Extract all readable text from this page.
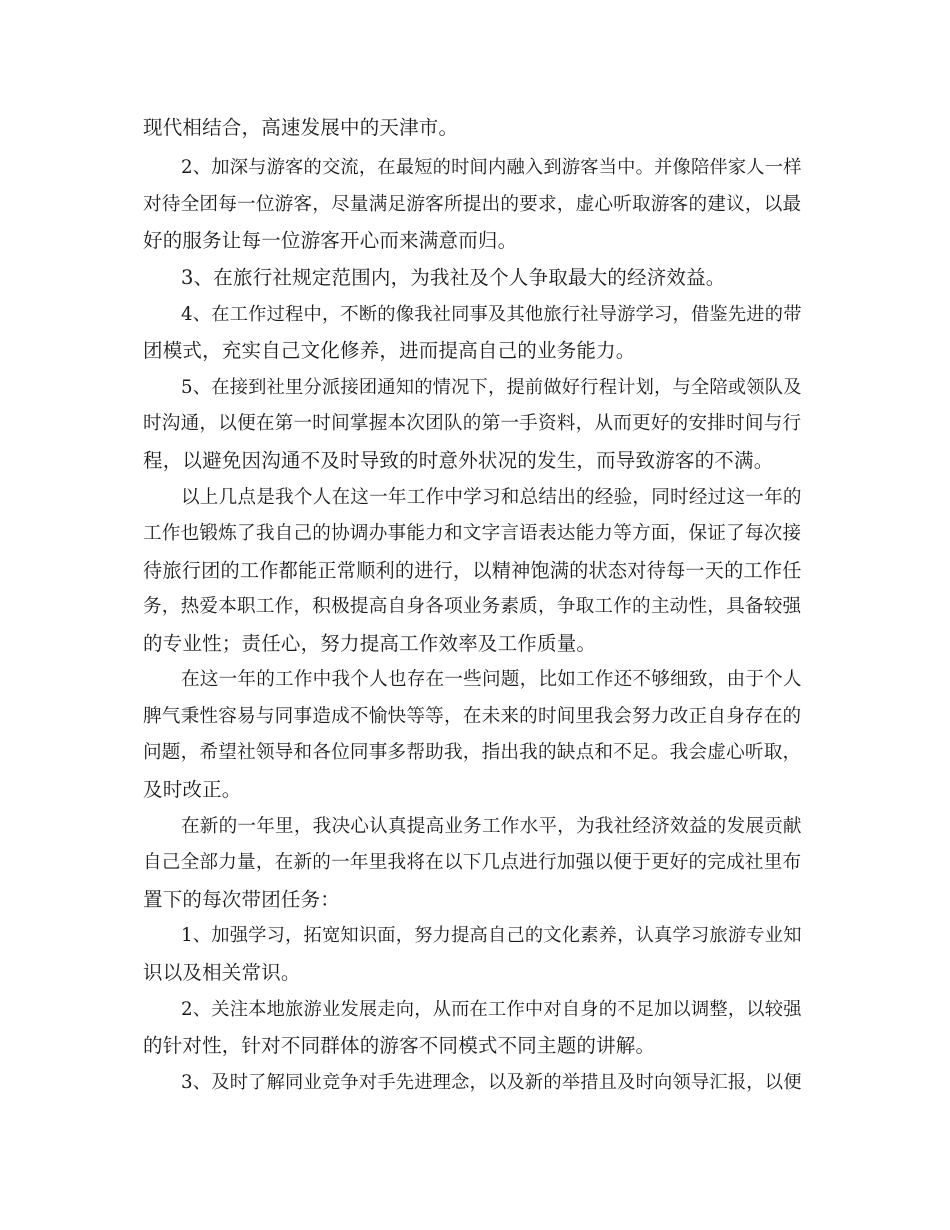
现代相结合，高速发展中的天津市。
2、加深与游客的交流，在最短的时间内融入到游客当中。并像陪伴家人一样
对待全团每一位游客，尽量满足游客所提出的要求，虚心听取游客的建议，以最
好的服务让每一位游客开心而来满意而归。
3、在旅行社规定范围内，为我社及个人争取最大的经济效益。
4、在工作过程中，不断的像我社同事及其他旅行社导游学习，借鉴先进的带
团模式，充实自己文化修养，进而提高自己的业务能力。
5、在接到社里分派接团通知的情况下，提前做好行程计划，与全陪或领队及
时沟通，以便在第一时间掌握本次团队的第一手资料，从而更好的安排时间与行
程，以避免因沟通不及时导致的时意外状况的发生，而导致游客的不满。
以上几点是我个人在这一年工作中学习和总结出的经验，同时经过这一年的
工作也锻炼了我自己的协调办事能力和文字言语表达能力等方面，保证了每次接
待旅行团的工作都能正常顺利的进行，以精神饱满的状态对待每一天的工作任
务，热爱本职工作，积极提高自身各项业务素质，争取工作的主动性，具备较强
的专业性；责任心，努力提高工作效率及工作质量。
在这一年的工作中我个人也存在一些问题，比如工作还不够细致，由于个人
脾气秉性容易与同事造成不愉快等等，在未来的时间里我会努力改正自身存在的
问题，希望社领导和各位同事多帮助我，指出我的缺点和不足。我会虚心听取，
及时改正。
在新的一年里，我决心认真提高业务工作水平，为我社经济效益的发展贡献
自己全部力量，在新的一年里我将在以下几点进行加强以便于更好的完成社里布
置下的每次带团任务：
1、加强学习，拓宽知识面，努力提高自己的文化素养，认真学习旅游专业知
识以及相关常识。
2、关注本地旅游业发展走向，从而在工作中对自身的不足加以调整，以较强
的针对性，针对不同群体的游客不同模式不同主题的讲解。
3、及时了解同业竞争对手先进理念，以及新的举措且及时向领导汇报，以便
